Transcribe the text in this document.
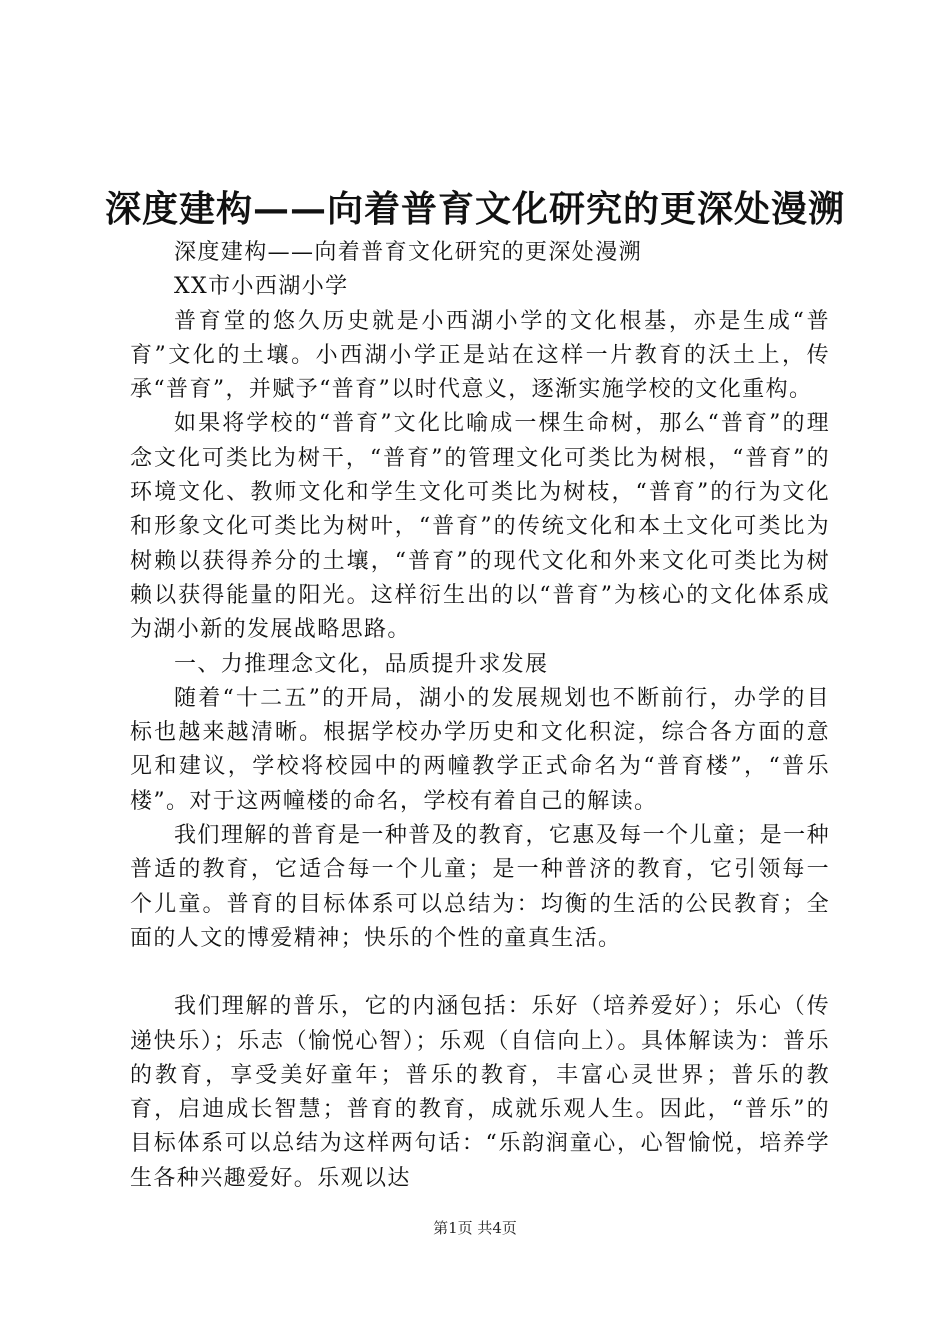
深度建构——向着普育文化研究的更深处漫溯

深度建构——向着普育文化研究的更深处漫溯

XX市小西湖小学

普育堂的悠久历史就是小西湖小学的文化根基，亦是生成“普育”文化的土壤。小西湖小学正是站在这样一片教育的沃土上，传承“普育”，并赋予“普育”以时代意义，逐渐实施学校的文化重构。

如果将学校的“普育”文化比喻成一棵生命树，那么“普育”的理念文化可类比为树干，“普育”的管理文化可类比为树根，“普育”的环境文化、教师文化和学生文化可类比为树枝，“普育”的行为文化和形象文化可类比为树叶，“普育”的传统文化和本土文化可类比为树赖以获得养分的土壤，“普育”的现代文化和外来文化可类比为树赖以获得能量的阳光。这样衍生出的以“普育”为核心的文化体系成为湖小新的发展战略思路。

一、力推理念文化，品质提升求发展

随着“十二五”的开局，湖小的发展规划也不断前行，办学的目标也越来越清晰。根据学校办学历史和文化积淀，综合各方面的意见和建议，学校将校园中的两幢教学正式命名为“普育楼”，“普乐楼”。对于这两幢楼的命名，学校有着自己的解读。

我们理解的普育是一种普及的教育，它惠及每一个儿童；是一种普适的教育，它适合每一个儿童；是一种普济的教育，它引领每一个儿童。普育的目标体系可以总结为：均衡的生活的公民教育；全面的人文的博爱精神；快乐的个性的童真生活。

我们理解的普乐，它的内涵包括：乐好（培养爱好）；乐心（传递快乐）；乐志（愉悦心智）；乐观（自信向上）。具体解读为：普乐的教育，享受美好童年；普乐的教育，丰富心灵世界；普乐的教育，启迪成长智慧；普育的教育，成就乐观人生。因此，“普乐”的目标体系可以总结为这样两句话：“乐韵润童心，心智愉悦，培养学生各种兴趣爱好。乐观以达

第1页 共4页
